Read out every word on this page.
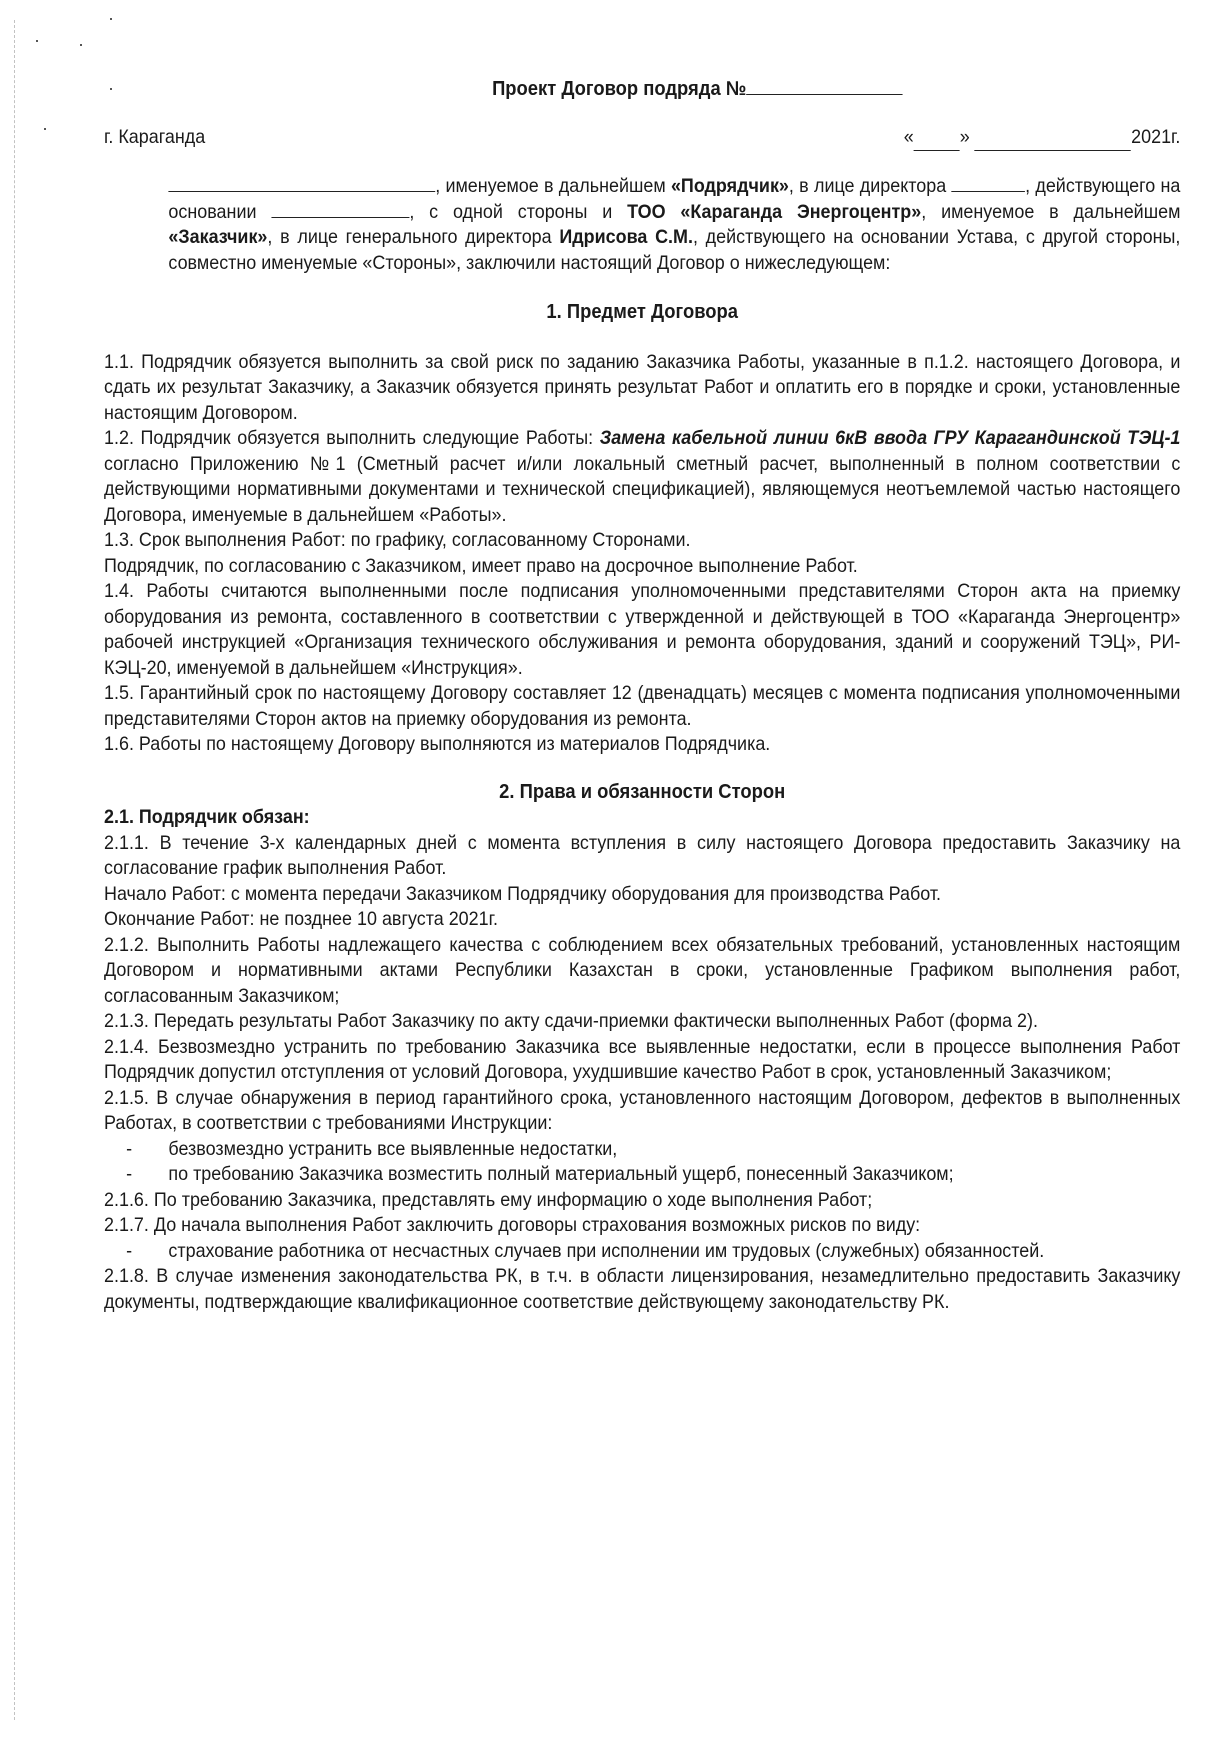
Проект Договор подряда №
г. Караганда	« »	2021г.

, именуемое в дальнейшем «Подрядчик», в лице директора	, действующего на основании	, с одной стороны и ТОО «Караганда Энергоцентр», именуемое в дальнейшем «Заказчик», в лице генерального директора Идрисова С.М., действующего на основании Устава, с другой стороны, совместно именуемые «Стороны», заключили настоящий Договор о нижеследующем:

1. Предмет Договора

1.1. Подрядчик обязуется выполнить за свой риск по заданию Заказчика Работы, указанные в п.1.2. настоящего Договора, и сдать их результат Заказчику, а Заказчик обязуется принять результат Работ и оплатить его в порядке и сроки, установленные настоящим Договором.

1.2. Подрядчик обязуется выполнить следующие Работы: Замена кабельной линии 6кВ ввода ГРУ Карагандинской ТЭЦ-1 согласно Приложению №1 (Сметный расчет и/или локальный сметный расчет, выполненный в полном соответствии с действующими нормативными документами и технической спецификацией), являющемуся неотъемлемой частью настоящего Договора, именуемые в дальнейшем «Работы».

1.3. Срок выполнения Работ: по графику, согласованному Сторонами.

Подрядчик, по согласованию с Заказчиком, имеет право на досрочное выполнение Работ.

1.4. Работы считаются выполненными после подписания уполномоченными представителями Сторон акта на приемку оборудования из ремонта, составленного в соответствии с утвержденной и действующей в ТОО «Караганда Энергоцентр» рабочей инструкцией «Организация технического обслуживания и ремонта оборудования, зданий и сооружений ТЭЦ», РИ-КЭЦ-20, именуемой в дальнейшем «Инструкция».

1.5. Гарантийный срок по настоящему Договору составляет 12 (двенадцать) месяцев с момента подписания уполномоченными представителями Сторон актов на приемку оборудования из ремонта.

1.6. Работы по настоящему Договору выполняются из материалов Подрядчика.

2. Права и обязанности Сторон

2.1. Подрядчик обязан:

2.1.1. В течение 3-х календарных дней с момента вступления в силу настоящего Договора предоставить Заказчику на согласование график выполнения Работ.

Начало Работ: с момента передачи Заказчиком Подрядчику оборудования для производства Работ.

Окончание Работ: не позднее 10 августа 2021г.

2.1.2. Выполнить Работы надлежащего качества с соблюдением всех обязательных требований, установленных настоящим Договором и нормативными актами Республики Казахстан в сроки, установленные Графиком выполнения работ, согласованным Заказчиком;

2.1.3. Передать результаты Работ Заказчику по акту сдачи-приемки фактически выполненных Работ (форма 2).

2.1.4. Безвозмездно устранить по требованию Заказчика все выявленные недостатки, если в процессе выполнения Работ Подрядчик допустил отступления от условий Договора, ухудшившие качество Работ в срок, установленный Заказчиком;

2.1.5. В случае обнаружения в период гарантийного срока, установленного настоящим Договором, дефектов в выполненных Работах, в соответствии с требованиями Инструкции:

-	безвозмездно устранить все выявленные недостатки,

-	по требованию Заказчика возместить полный материальный ущерб, понесенный Заказчиком;

2.1.6. По требованию Заказчика, представлять ему информацию о ходе выполнения Работ;

2.1.7. До начала выполнения Работ заключить договоры страхования возможных рисков по виду:

-	страхование работника от несчастных случаев при исполнении им трудовых (служебных) обязанностей.

2.1.8. В случае изменения законодательства РК, в т.ч. в области лицензирования, незамедлительно предоставить Заказчику документы, подтверждающие квалификационное соответствие действующему законодательству РК.
